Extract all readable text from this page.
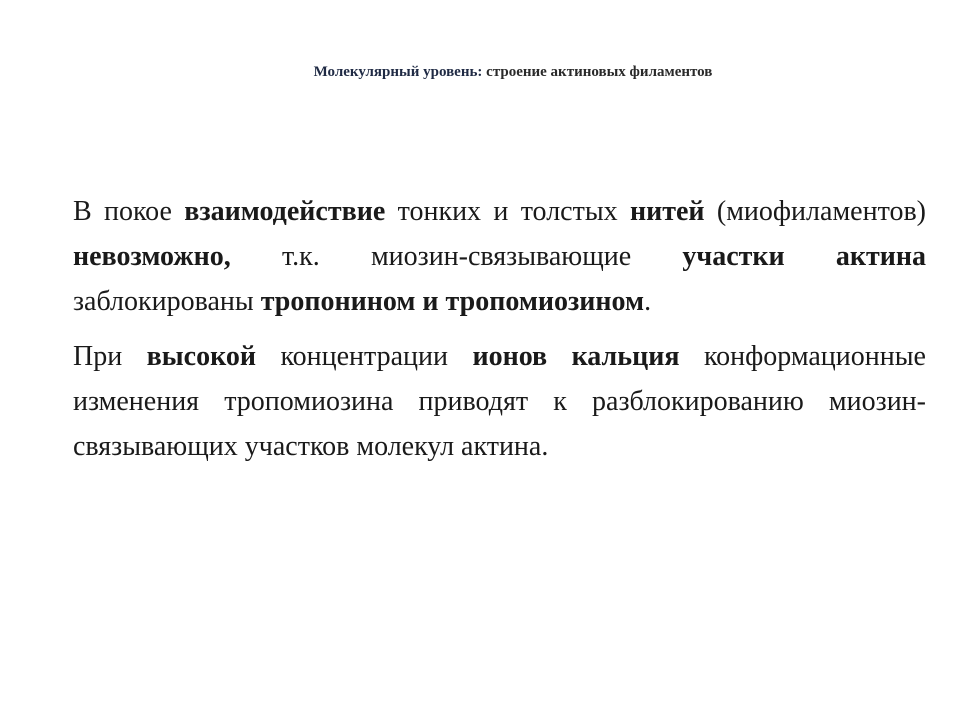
Молекулярный уровень: строение актиновых филаментов

В покое взаимодействие тонких и толстых нитей (миофиламентов) невозможно, т.к. миозин-связывающие участки актина заблокированы тропонином и тропомиозином.

При высокой концентрации ионов кальция конформационные изменения тропомиозина приводят к разблокированию миозин-связывающих участков молекул актина.
